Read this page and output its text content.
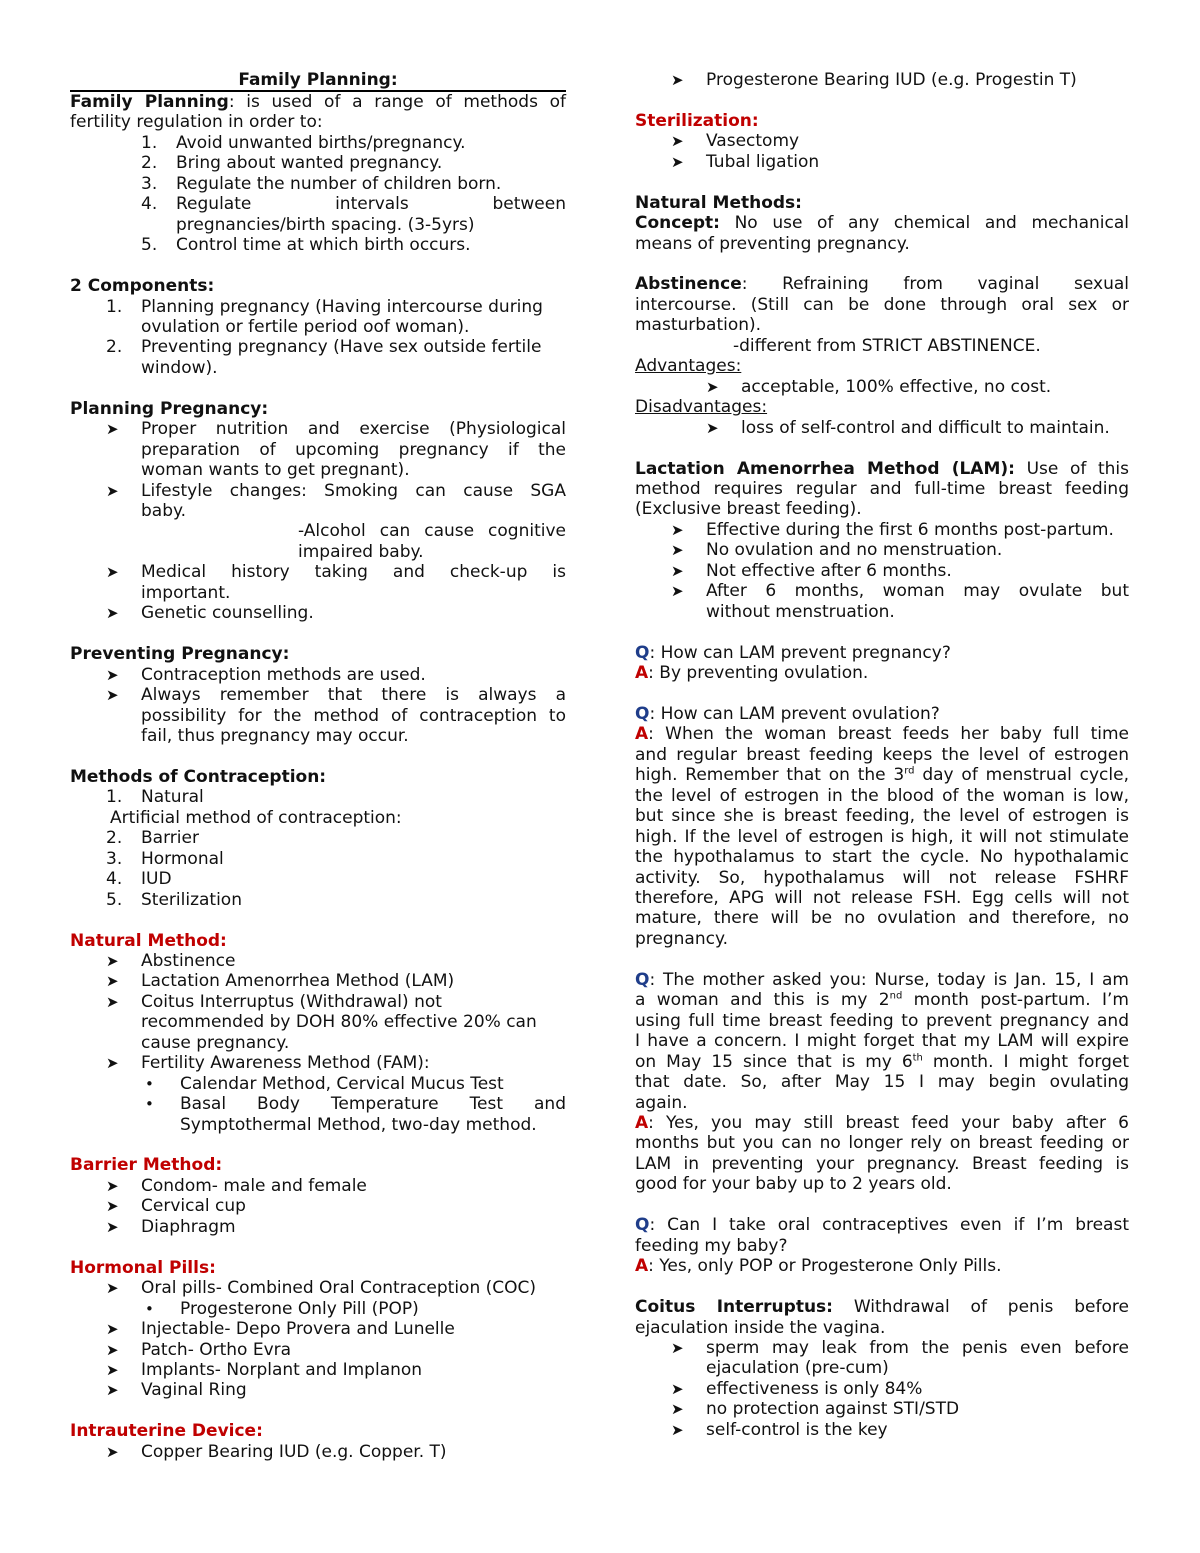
Family Planning:
Family Planning: is used of a range of methods of
fertility regulation in order to:
1.	Avoid unwanted births/pregnancy.
2.	Bring about wanted pregnancy.
3.	Regulate the number of children born.
4.	Regulate intervals between
pregnancies/birth spacing. (3-5yrs)
5.	Control time at which birth occurs.
2 Components:
1.	Planning pregnancy (Having intercourse during
ovulation or fertile period oof woman).
2.	Preventing pregnancy (Have sex outside fertile
window).
Planning Pregnancy:
➤	Proper nutrition and exercise (Physiological
preparation of upcoming pregnancy if the
woman wants to get pregnant).
➤	Lifestyle changes: Smoking can cause SGA
baby.
-Alcohol can cause cognitive
impaired baby.
➤	Medical history taking and check-up is
important.
➤	Genetic counselling.
Preventing Pregnancy:
➤	Contraception methods are used.
➤	Always remember that there is always a
possibility for the method of contraception to
fail, thus pregnancy may occur.
Methods of Contraception:
1.	Natural
Artificial method of contraception:
2.	Barrier
3.	Hormonal
4.	IUD
5.	Sterilization
Natural Method:
➤	Abstinence
➤	Lactation Amenorrhea Method (LAM)
➤	Coitus Interruptus (Withdrawal) not
recommended by DOH 80% effective 20% can
cause pregnancy.
➤	Fertility Awareness Method (FAM):
•	Calendar Method, Cervical Mucus Test
•	Basal Body Temperature Test and
Symptothermal Method, two-day method.
Barrier Method:
➤	Condom- male and female
➤	Cervical cup
➤	Diaphragm
Hormonal Pills:
➤	Oral pills- Combined Oral Contraception (COC)
•	Progesterone Only Pill (POP)
➤	Injectable- Depo Provera and Lunelle
➤	Patch- Ortho Evra
➤	Implants- Norplant and Implanon
➤	Vaginal Ring
Intrauterine Device:
➤	Copper Bearing IUD (e.g. Copper. T)
➤	Progesterone Bearing IUD (e.g. Progestin T)
Sterilization:
➤	Vasectomy
➤	Tubal ligation
Natural Methods:
Concept: No use of any chemical and mechanical
means of preventing pregnancy.
Abstinence: Refraining from vaginal sexual
intercourse. (Still can be done through oral sex or
masturbation).
-different from STRICT ABSTINENCE.
Advantages:
➤	acceptable, 100% effective, no cost.
Disadvantages:
➤	loss of self-control and difficult to maintain.
Lactation Amenorrhea Method (LAM): Use of this
method requires regular and full-time breast feeding
(Exclusive breast feeding).
➤	Effective during the first 6 months post-partum.
➤	No ovulation and no menstruation.
➤	Not effective after 6 months.
➤	After 6 months, woman may ovulate but
without menstruation.
Q: How can LAM prevent pregnancy?
A: By preventing ovulation.
Q: How can LAM prevent ovulation?
A: When the woman breast feeds her baby full time
and regular breast feeding keeps the level of estrogen
high. Remember that on the 3rd day of menstrual cycle,
the level of estrogen in the blood of the woman is low,
but since she is breast feeding, the level of estrogen is
high. If the level of estrogen is high, it will not stimulate
the hypothalamus to start the cycle. No hypothalamic
activity. So, hypothalamus will not release FSHRF
therefore, APG will not release FSH. Egg cells will not
mature, there will be no ovulation and therefore, no
pregnancy.
Q: The mother asked you: Nurse, today is Jan. 15, I am
a woman and this is my 2nd month post-partum. I’m
using full time breast feeding to prevent pregnancy and
I have a concern. I might forget that my LAM will expire
on May 15 since that is my 6th month. I might forget
that date. So, after May 15 I may begin ovulating
again.
A: Yes, you may still breast feed your baby after 6
months but you can no longer rely on breast feeding or
LAM in preventing your pregnancy. Breast feeding is
good for your baby up to 2 years old.
Q: Can I take oral contraceptives even if I’m breast
feeding my baby?
A: Yes, only POP or Progesterone Only Pills.
Coitus Interruptus: Withdrawal of penis before
ejaculation inside the vagina.
➤	sperm may leak from the penis even before
ejaculation (pre-cum)
➤	effectiveness is only 84%
➤	no protection against STI/STD
➤	self-control is the key
